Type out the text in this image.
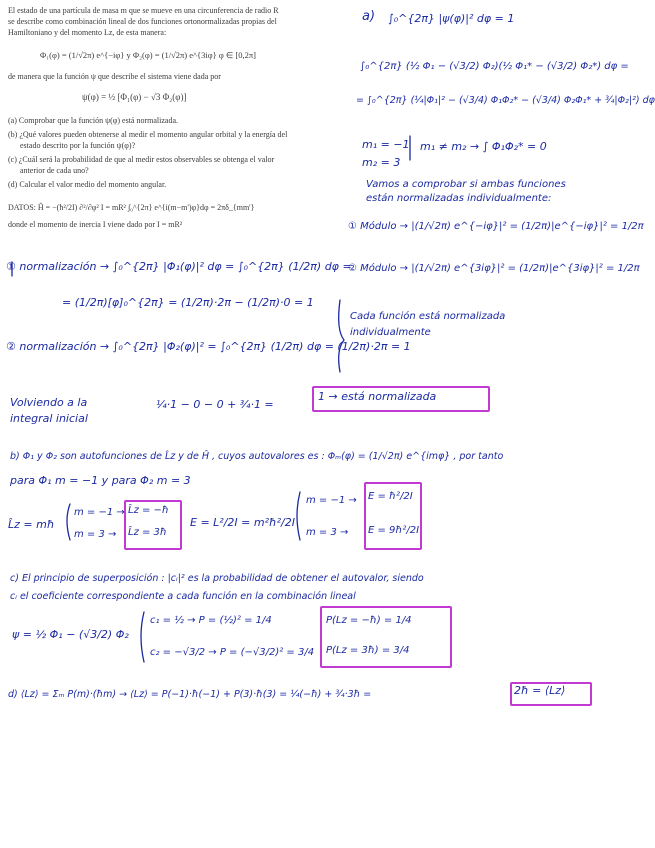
El estado de una partícula de masa m que se mueve en una circunferencia de radio R
se describe como combinación lineal de dos funciones ortonormalizadas propias del
Hamiltoniano y del momento Lz, de esta manera:
Φ₁(φ) = (1/√2π) e^{−iφ} y Φ₂(φ) = (1/√2π) e^{3iφ} φ ∈ [0,2π]
de manera que la función ψ que describe el sistema viene dada por
ψ(φ) = ½ [Φ₁(φ) − √3 Φ₂(φ)]
(a) Comprobar que la función ψ(φ) está normalizada.
(b) ¿Qué valores pueden obtenerse al medir el momento angular orbital y la energía del
estado descrito por la función ψ(φ)?
(c) ¿Cuál será la probabilidad de que al medir estos observables se obtenga el valor
anterior de cada uno?
(d) Calcular el valor medio del momento angular.
DATOS: Ĥ = −(ħ²/2I) ∂²/∂φ² I = mR² ∫₀^{2π} e^{i(m−m')φ}dφ = 2πδ_{mm'}
donde el momento de inercia I viene dado por I = mR²
a) ∫₀^{2π} |ψ(φ)|² dφ = 1
∫₀^{2π} (½ Φ₁ − (√3/2) Φ₂)(½ Φ₁* − (√3/2) Φ₂*) dφ =
= ∫₀^{2π} (¼|Φ₁|² − (√3/4) Φ₁Φ₂* − (√3/4) Φ₂Φ₁* + ¾|Φ₂|²) dφ
m₁ = −1
m₂ = 3
m₁ ≠ m₂ → ∫ Φ₁Φ₂* = 0
Vamos a comprobar si ambas funciones
están normalizadas individualmente:
① Módulo → |(1/√2π) e^{−iφ}|² = (1/2π)|e^{−iφ}|² = 1/2π
② Módulo → |(1/√2π) e^{3iφ}|² = (1/2π)|e^{3iφ}|² = 1/2π
① normalización → ∫₀^{2π} |Φ₁(φ)|² dφ = ∫₀^{2π} (1/2π) dφ =
= (1/2π)[φ]₀^{2π} = (1/2π)·2π − (1/2π)·0 = 1
② normalización → ∫₀^{2π} |Φ₂(φ)|² = ∫₀^{2π} (1/2π) dφ = (1/2π)·2π = 1
Cada función está normalizada
individualmente
Volviendo a la
integral inicial
¼·1 − 0 − 0 + ¾·1 =
1 → está normalizada
b) Φ₁ y Φ₂ son autofunciones de L̂z y de Ĥ , cuyos autovalores es : Φₘ(φ) = (1/√2π) e^{imφ} , por tanto
para Φ₁ m = −1 y para Φ₂ m = 3
L̂z = mħ
m = −1 →
m = 3 →
L̂z = −ħ
L̂z = 3ħ
E = L²/2I = m²ħ²/2I
m = −1 →
m = 3 →
E = ħ²/2I
E = 9ħ²/2I
c) El principio de superposición : |cᵢ|² es la probabilidad de obtener el autovalor, siendo
cᵢ el coeficiente correspondiente a cada función en la combinación lineal
ψ = ½ Φ₁ − (√3/2) Φ₂
c₁ = ½ → P = (½)² = 1/4
c₂ = −√3/2 → P = (−√3/2)² = 3/4
P(Lz = −ħ) = 1/4
P(Lz = 3ħ) = 3/4
d) ⟨Lz⟩ = Σₘ P(m)·(ħm) → ⟨Lz⟩ = P(−1)·ħ(−1) + P(3)·ħ(3) = ¼(−ħ) + ¾·3ħ =	2ħ = ⟨Lz⟩
